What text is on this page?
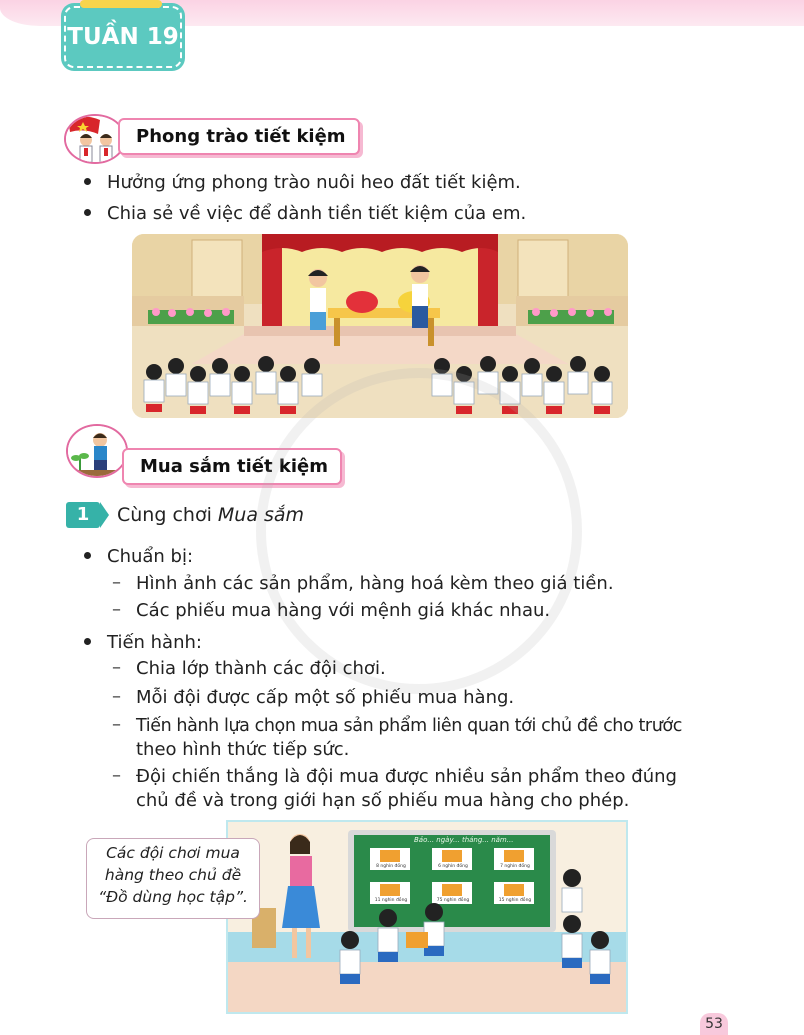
TUẦN 19
Phong trào tiết kiệm
Hưởng ứng phong trào nuôi heo đất tiết kiệm.
Chia sẻ về việc để dành tiền tiết kiệm của em.
Mua sắm tiết kiệm
1	Cùng chơi Mua sắm
Chuẩn bị:
– Hình ảnh các sản phẩm, hàng hoá kèm theo giá tiền.
– Các phiếu mua hàng với mệnh giá khác nhau.
Tiến hành:
– Chia lớp thành các đội chơi.
– Mỗi đội được cấp một số phiếu mua hàng.
– Tiến hành lựa chọn mua sản phẩm liên quan tới chủ đề cho trước
theo hình thức tiếp sức.
– Đội chiến thắng là đội mua được nhiều sản phẩm theo đúng
chủ đề và trong giới hạn số phiếu mua hàng cho phép.
Bảo... ngày... tháng... năm...
8 nghìn đồng	6 nghìn đồng	7 nghìn đồng
11 nghìn đồng	75 nghìn đồng	15 nghìn đồng
Các đội chơi mua
hàng theo chủ đề
“Đồ dùng học tập”.
53
